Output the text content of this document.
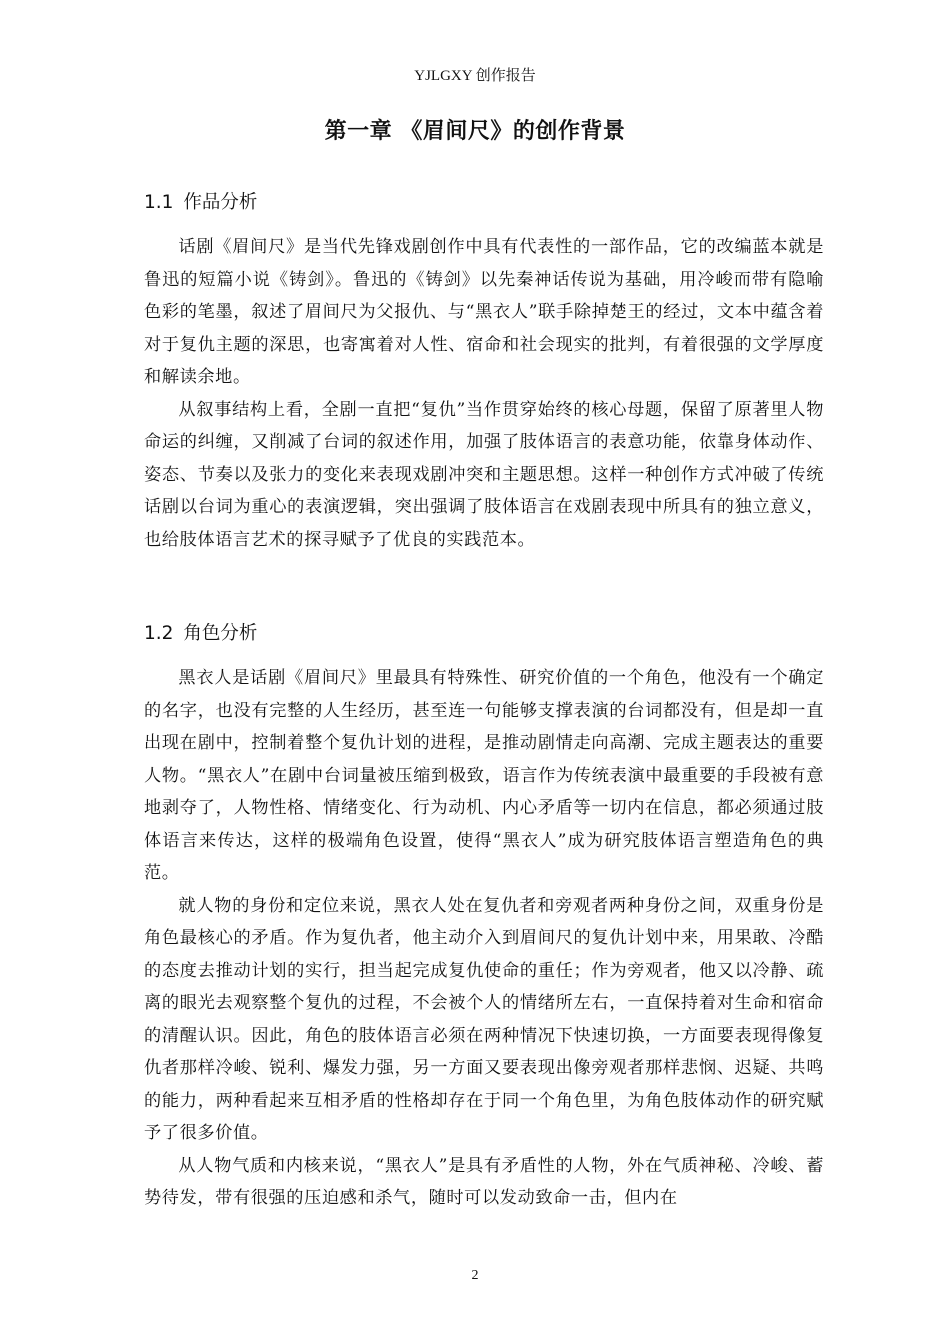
YJLGXY 创作报告
第一章 《眉间尺》的创作背景
1.1 作品分析

话剧《眉间尺》是当代先锋戏剧创作中具有代表性的一部作品，它的改编蓝本就是鲁迅的短篇小说《铸剑》。鲁迅的《铸剑》以先秦神话传说为基础，用冷峻而带有隐喻色彩的笔墨，叙述了眉间尺为父报仇、与“黑衣人”联手除掉楚王的经过，文本中蕴含着对于复仇主题的深思，也寄寓着对人性、宿命和社会现实的批判，有着很强的文学厚度和解读余地。

从叙事结构上看，全剧一直把“复仇”当作贯穿始终的核心母题，保留了原著里人物命运的纠缠，又削减了台词的叙述作用，加强了肢体语言的表意功能，依靠身体动作、姿态、节奏以及张力的变化来表现戏剧冲突和主题思想。这样一种创作方式冲破了传统话剧以台词为重心的表演逻辑，突出强调了肢体语言在戏剧表现中所具有的独立意义，也给肢体语言艺术的探寻赋予了优良的实践范本。

1.2 角色分析

黑衣人是话剧《眉间尺》里最具有特殊性、研究价值的一个角色，他没有一个确定的名字，也没有完整的人生经历，甚至连一句能够支撑表演的台词都没有，但是却一直出现在剧中，控制着整个复仇计划的进程，是推动剧情走向高潮、完成主题表达的重要人物。“黑衣人”在剧中台词量被压缩到极致，语言作为传统表演中最重要的手段被有意地剥夺了，人物性格、情绪变化、行为动机、内心矛盾等一切内在信息，都必须通过肢体语言来传达，这样的极端角色设置，使得“黑衣人”成为研究肢体语言塑造角色的典范。

就人物的身份和定位来说，黑衣人处在复仇者和旁观者两种身份之间，双重身份是角色最核心的矛盾。作为复仇者，他主动介入到眉间尺的复仇计划中来，用果敢、冷酷的态度去推动计划的实行，担当起完成复仇使命的重任；作为旁观者，他又以冷静、疏离的眼光去观察整个复仇的过程，不会被个人的情绪所左右，一直保持着对生命和宿命的清醒认识。因此，角色的肢体语言必须在两种情况下快速切换，一方面要表现得像复仇者那样冷峻、锐利、爆发力强，另一方面又要表现出像旁观者那样悲悯、迟疑、共鸣的能力，两种看起来互相矛盾的性格却存在于同一个角色里，为角色肢体动作的研究赋予了很多价值。

从人物气质和内核来说，“黑衣人”是具有矛盾性的人物，外在气质神秘、冷峻、蓄势待发，带有很强的压迫感和杀气，随时可以发动致命一击，但内在

2
